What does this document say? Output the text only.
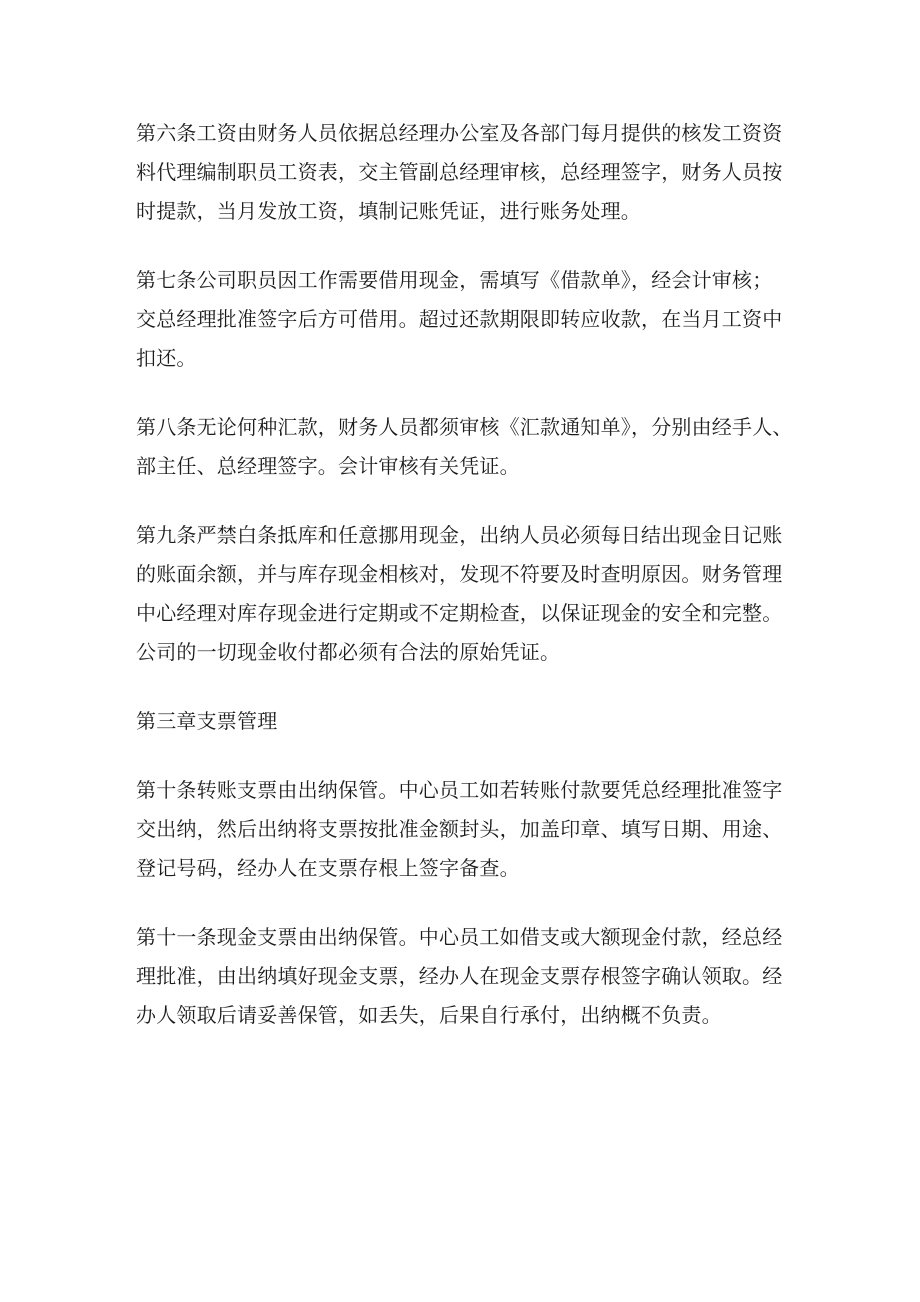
第六条工资由财务人员依据总经理办公室及各部门每月提供的核发工资资
料代理编制职员工资表，交主管副总经理审核，总经理签字，财务人员按
时提款，当月发放工资，填制记账凭证，进行账务处理。

第七条公司职员因工作需要借用现金，需填写《借款单》，经会计审核；
交总经理批准签字后方可借用。超过还款期限即转应收款，在当月工资中
扣还。

第八条无论何种汇款，财务人员都须审核《汇款通知单》，分别由经手人、
部主任、总经理签字。会计审核有关凭证。

第九条严禁白条抵库和任意挪用现金，出纳人员必须每日结出现金日记账
的账面余额，并与库存现金相核对，发现不符要及时查明原因。财务管理
中心经理对库存现金进行定期或不定期检查，以保证现金的安全和完整。
公司的一切现金收付都必须有合法的原始凭证。

第三章支票管理

第十条转账支票由出纳保管。中心员工如若转账付款要凭总经理批准签字
交出纳，然后出纳将支票按批准金额封头，加盖印章、填写日期、用途、
登记号码，经办人在支票存根上签字备查。

第十一条现金支票由出纳保管。中心员工如借支或大额现金付款，经总经
理批准，由出纳填好现金支票，经办人在现金支票存根签字确认领取。经
办人领取后请妥善保管，如丢失，后果自行承付，出纳概不负责。
